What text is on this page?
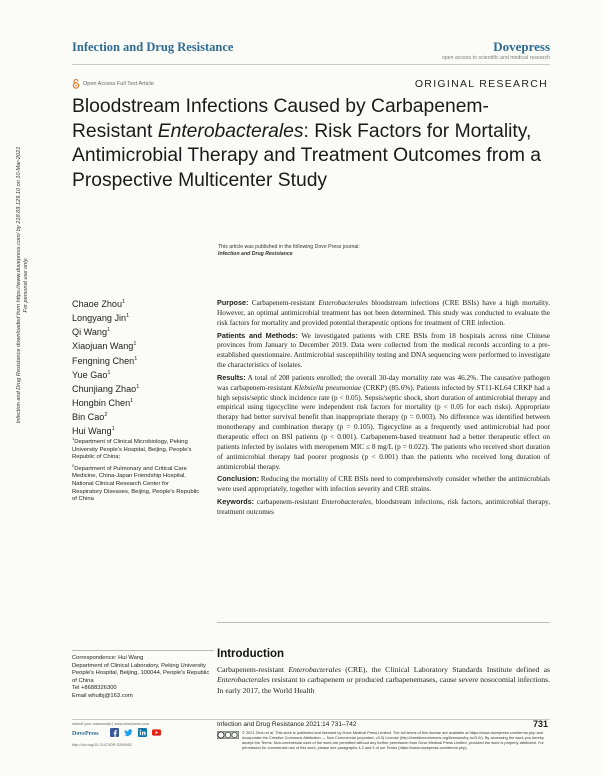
Infection and Drug Resistance	Dovepress
open access to scientific and medical research
Open Access Full Text Article	ORIGINAL RESEARCH
Bloodstream Infections Caused by Carbapenem-Resistant Enterobacterales: Risk Factors for Mortality, Antimicrobial Therapy and Treatment Outcomes from a Prospective Multicenter Study
This article was published in the following Dove Press journal:
Infection and Drug Resistance
Infection and Drug Resistance downloaded from https://www.dovepress.com/ by 218.69.129.10 on 10-Mar-2021 For personal use only.	Chaoe Zhou$^1$
Longyang Jin$^1$
Qi Wang$^1$
Xiaojuan Wang$^1$
Fengning Chen$^1$
Yue Gao$^1$
Chunjiang Zhao$^1$
Hongbin Chen$^1$
Bin Cao$^2$
Hui Wang$^1$
$^1$Department of Clinical Microbiology, Peking University People's Hospital, Beijing, People's Republic of China;
$^2$Department of Pulmonary and Critical Care Medicine, China-Japan Friendship Hospital, National Clinical Research Center for Respiratory Diseases, Beijing, People's Republic of China

Purpose: Carbapenem-resistant Enterobacterales bloodstream infections (CRE BSIs) have a high mortality. However, an optimal antimicrobial treatment has not been determined. This study was conducted to evaluate the risk factors for mortality and provided potential therapeutic options for treatment of CRE infection.

Patients and Methods: We investigated patients with CRE BSIs from 18 hospitals across nine Chinese provinces from January to December 2019. Data were collected from the medical records according to a pre-established questionnaire. Antimicrobial susceptibility testing and DNA sequencing were performed to investigate the characteristics of isolates.

Results: A total of 208 patients enrolled; the overall 30-day mortality rate was 46.2%. The causative pathogen was carbapenem-resistant Klebsiella pneumoniae (CRKP) (85.6%). Patients infected by ST11-KL64 CRKP had a high sepsis/septic shock incidence rate (p < 0.05). Sepsis/septic shock, short duration of antimicrobial therapy and empirical using tigecycline were independent risk factors for mortality (p < 0.05 for each risks). Appropriate therapy had better survival benefit than inappropriate therapy (p = 0.003). No difference was identified between monotherapy and combination therapy (p = 0.105). Tigecycline as a frequently used antimicrobial had poor therapeutic effect on BSI patients (p < 0.001). Carbapenem-based treatment had a better therapeutic effect on patients infected by isolates with meropenem MIC ≤ 8 mg/L (p = 0.022). The patients who received short duration of antimicrobial therapy had poorer prognosis (p < 0.001) than the patients who received long duration of antimicrobial therapy.

Conclusion: Reducing the mortality of CRE BSIs need to comprehensively consider whether the antimicrobials were used appropriately, together with infection severity and CRE strains.

Keywords: carbapenem-resistant Enterobacterales, bloodstream infections, risk factors, antimicrobial therapy, treatment outcomes

Correspondence: Hui Wang
Department of Clinical Laboratory, Peking University People's Hospital, Beijing, 100044, People's Republic of China
Tel +8688326300
Email whuibj@163.com
Introduction
Carbapenem-resistant Enterobacterales (CRE), the Clinical Laboratory Standards Institute defined as Enterobacterales resistant to carbapenem or produced carbapenemases, cause severe nosocomial infections. In early 2017, the World Health
submit your manuscript | www.dovepress.com
DovePress
http://doi.org/10.2147/IDR.S299582
Infection and Drug Resistance 2021:14 731–742	731
© 2021 Zhou et al. This work is published and licensed by Dove Medical Press Limited. The full terms of this license are available at https://www.dovepress.com/terms.php and incorporate the Creative Commons Attribution — Non Commercial (unported, v3.0) License (http://creativecommons.org/licenses/by-nc/3.0/). By accessing the work you hereby accept the Terms. Non-commercial uses of the work are permitted without any further permission from Dove Medical Press Limited, provided the work is properly attributed. For permission for commercial use of this work, please see paragraphs 4.2 and 5 of our Terms (https://www.dovepress.com/terms.php).
